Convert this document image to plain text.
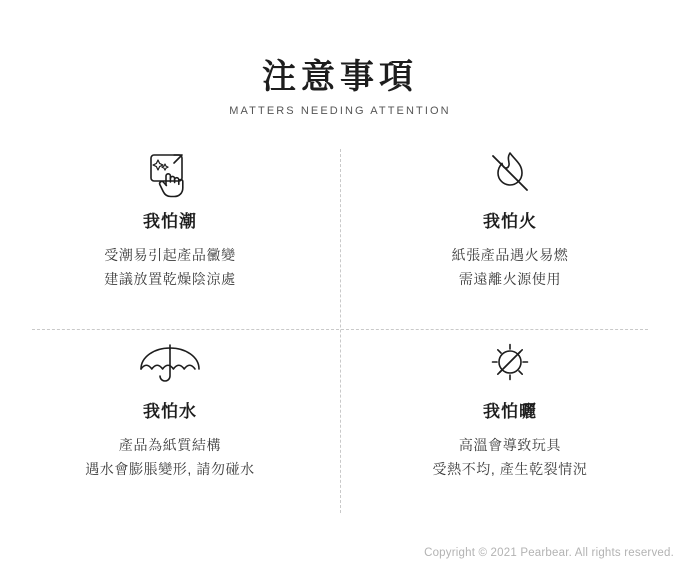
注意事項

MATTERS NEEDING ATTENTION

我怕潮
受潮易引起產品黴變
建議放置乾燥陰涼處
我怕火
紙張產品遇火易燃
需遠離火源使用
我怕水
產品為紙質結構
遇水會膨脹變形, 請勿碰水
我怕曬
高溫會導致玩具
受熱不均, 產生乾裂情況
Copyright © 2021 Pearbear. All rights reserved.
